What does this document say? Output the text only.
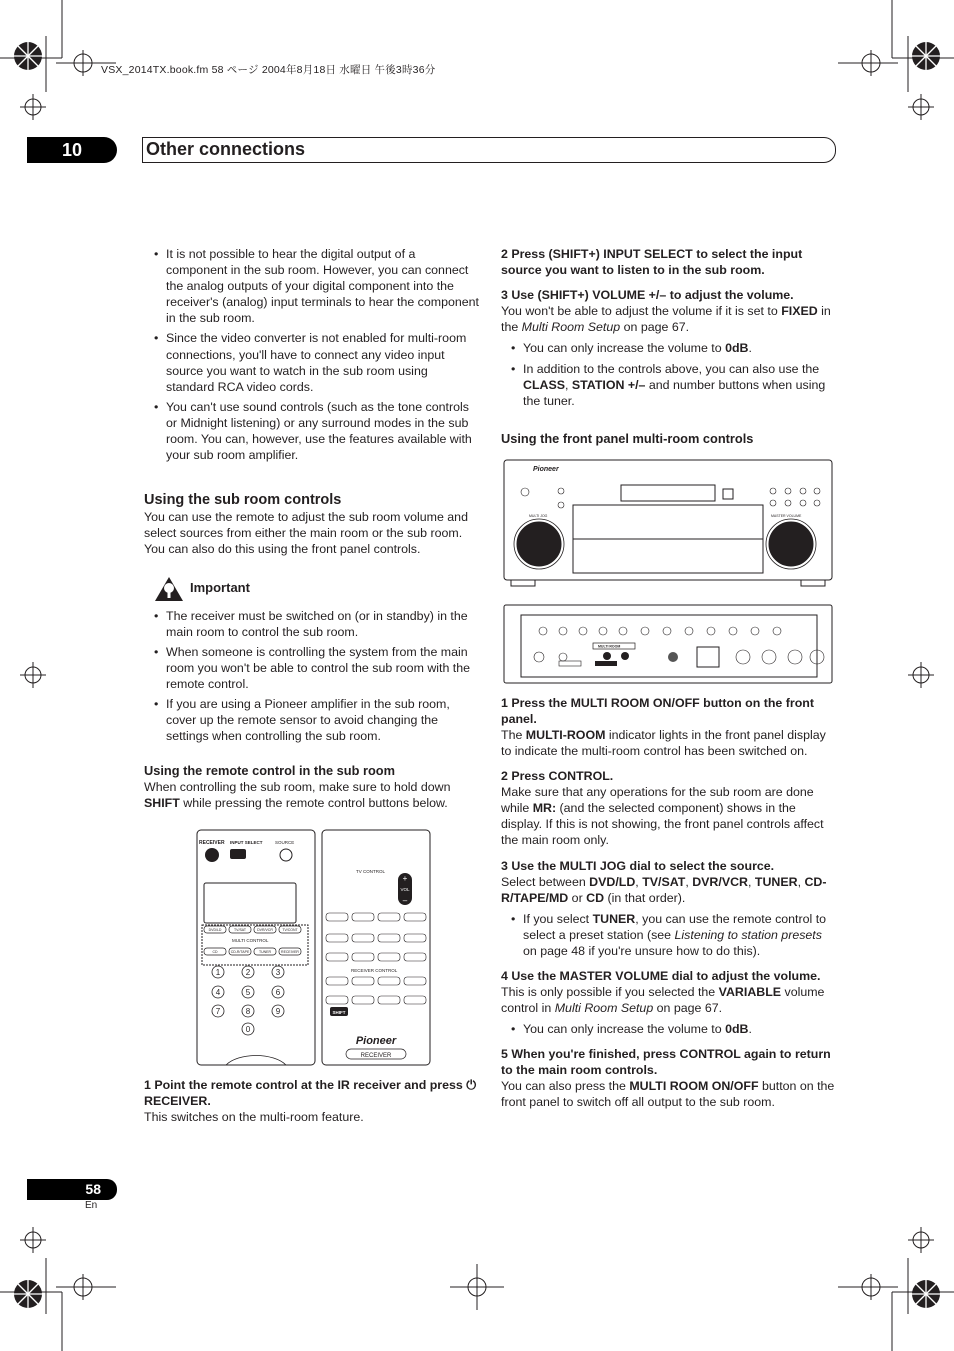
VSX_2014TX.book.fm 58 ページ 2004年8月18日 水曜日 午後3時36分
10	Other connections

• It is not possible to hear the digital output of a component in the sub room. However, you can connect the analog outputs of your digital component into the receiver's (analog) input terminals to hear the component in the sub room.

• Since the video converter is not enabled for multi-room connections, you'll have to connect any video input source you want to watch in the sub room using standard RCA video cords.

• You can't use sound controls (such as the tone controls or Midnight listening) or any surround modes in the sub room. You can, however, use the features available with your sub room amplifier.

Using the sub room controls

You can use the remote to adjust the sub room volume and select sources from either the main room or the sub room. You can also do this using the front panel controls.

Important

• The receiver must be switched on (or in standby) in the main room to control the sub room.

• When someone is controlling the system from the main room you won't be able to control the sub room with the remote control.

• If you are using a Pioneer amplifier in the sub room, cover up the remote sensor to avoid changing the settings when controlling the sub room.

Using the remote control in the sub room

When controlling the sub room, make sure to hold down SHIFT while pressing the remote control buttons below.

RECEIVER INPUT SELECT	SOURCE
MULTI CONTROL
DVD/LD	TV/SAT	DVR/VCR	TV/CONT
CD	CD-R/TAPE	TUNER	RECEIVER
1	2	3
4	5	6
7	8	9
0
TV CONTROL
VOL
+
–
RECEIVER CONTROL
SHIFT
Pioneer
RECEIVER

1 Point the remote control at the IR receiver and press ⏻ RECEIVER.

This switches on the multi-room feature.

2 Press (SHIFT+) INPUT SELECT to select the input source you want to listen to in the sub room.

3 Use (SHIFT+) VOLUME +/– to adjust the volume.

You won't be able to adjust the volume if it is set to FIXED in the Multi Room Setup on page 67.

• You can only increase the volume to 0dB.

• In addition to the controls above, you can also use the CLASS, STATION +/– and number buttons when using the tuner.

Using the front panel multi-room controls
Pioneer
MASTER VOLUME
MULTI JOG
MULTI ROOM

1 Press the MULTI ROOM ON/OFF button on the front panel.

The MULTI-ROOM indicator lights in the front panel display to indicate the multi-room control has been switched on.

2 Press CONTROL.

Make sure that any operations for the sub room are done while MR: (and the selected component) shows in the display. If this is not showing, the front panel controls affect the main room only.

3 Use the MULTI JOG dial to select the source.

Select between DVD/LD, TV/SAT, DVR/VCR, TUNER, CD-R/TAPE/MD or CD (in that order).

• If you select TUNER, you can use the remote control to select a preset station (see Listening to station presets on page 48 if you're unsure how to do this).

4 Use the MASTER VOLUME dial to adjust the volume.

This is only possible if you selected the VARIABLE volume control in Multi Room Setup on page 67.

• You can only increase the volume to 0dB.

5 When you're finished, press CONTROL again to return to the main room controls.

You can also press the MULTI ROOM ON/OFF button on the front panel to switch off all output to the sub room.

58
En
